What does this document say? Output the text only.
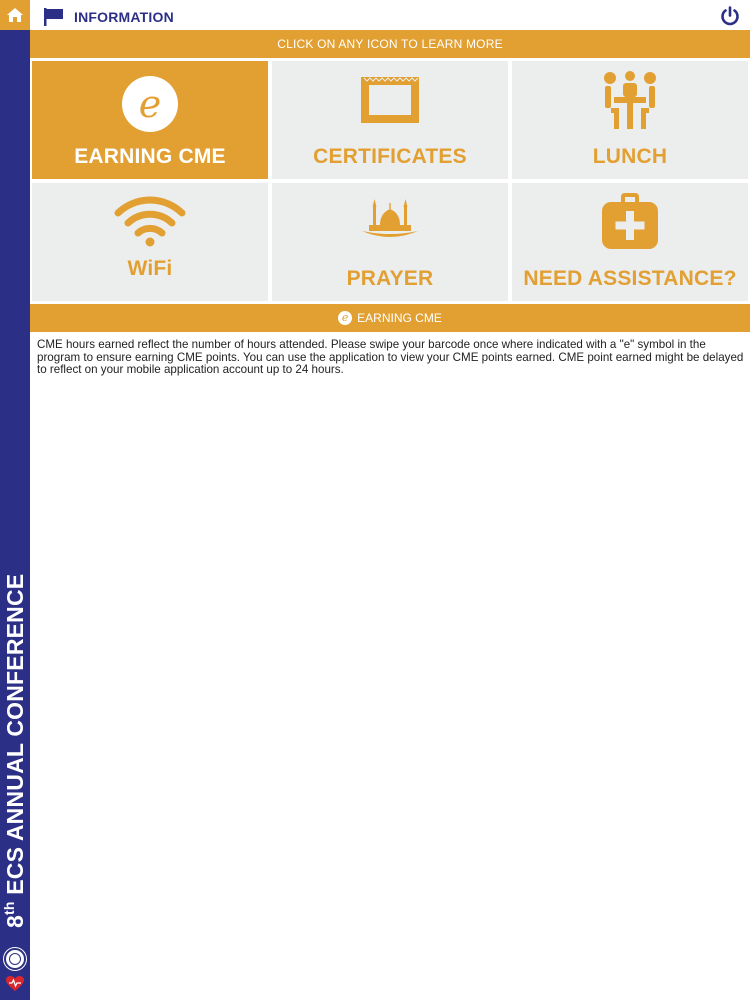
8th ECS ANNUAL CONFERENCE
INFORMATION
CLICK ON ANY ICON TO LEARN MORE
e
EARNING CME	CERTIFICATES	LUNCH
WiFi	PRAYER	NEED ASSISTANCE?
e EARNING CME
CME hours earned reflect the number of hours attended. Please swipe your barcode once where indicated with a "e" symbol in the program to ensure earning CME points. You can use the application to view your CME points earned. CME point earned might be delayed to reflect on your mobile application account up to 24 hours.
